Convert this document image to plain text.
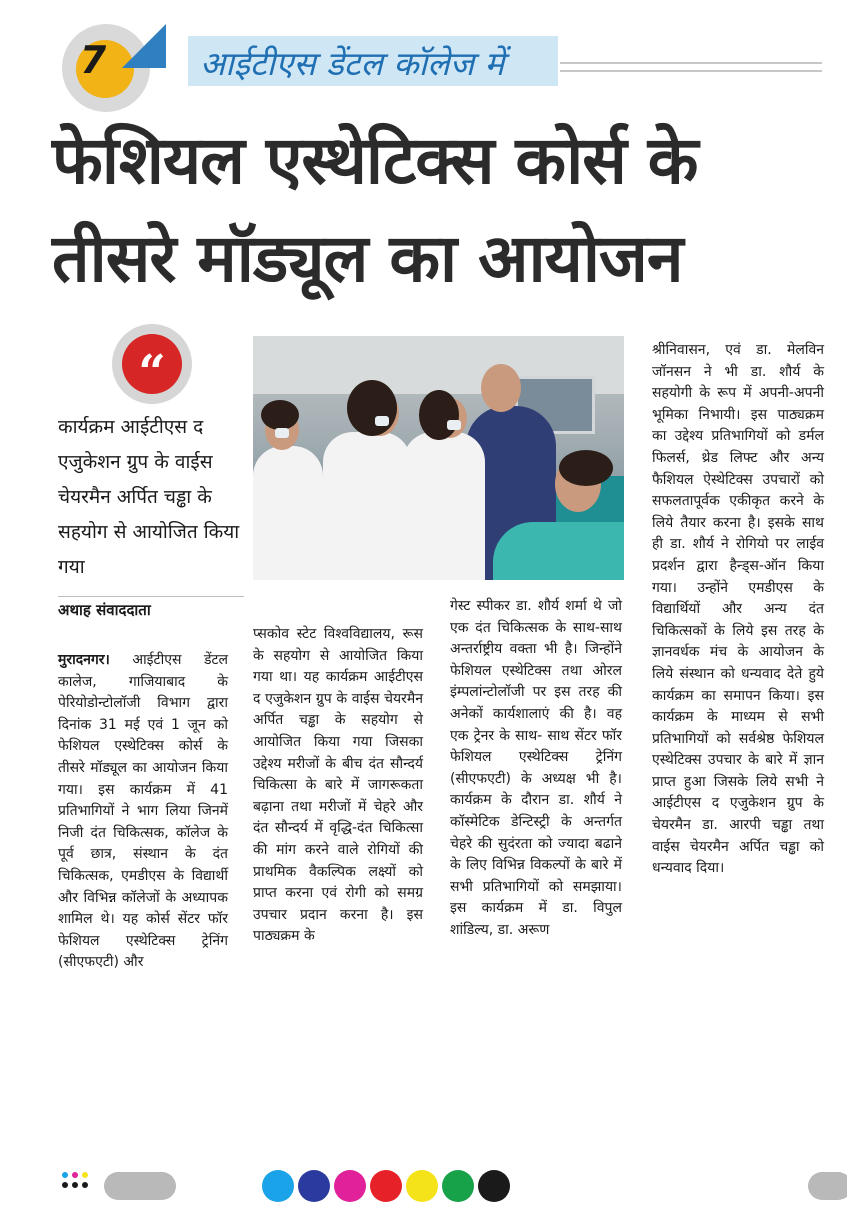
7	आईटीएस डेंटल कॉलेज में
फेशियल एस्थेटिक्स कोर्स के
तीसरे मॉड्यूल का आयोजन
“
कार्यक्रम आईटीएस द एजुकेशन ग्रुप के वाईस चेयरमैन अर्पित चड्ढा के सहयोग से आयोजित किया गया
अथाह संवाददाता
मुरादनगर। आईटीएस डेंटल कालेज, गाजियाबाद के पेरियोडोन्टोलॉजी विभाग द्वारा दिनांक 31 मई एवं 1 जून को फेशियल एस्थेटिक्स कोर्स के तीसरे मॉड्यूल का आयोजन किया गया। इस कार्यक्रम में 41 प्रतिभागियों ने भाग लिया जिनमें निजी दंत चिकित्सक, कॉलेज के पूर्व छात्र, संस्थान के दंत चिकित्सक, एमडीएस के विद्यार्थी और विभिन्न कॉलेजों के अध्यापक शामिल थे। यह कोर्स सेंटर फॉर फेशियल एस्थेटिक्स ट्रेनिंग (सीएफएटी) और
प्सकोव स्टेट विश्वविद्यालय, रूस के सहयोग से आयोजित किया गया था। यह कार्यक्रम आईटीएस द एजुकेशन ग्रुप के वाईस चेयरमैन अर्पित चड्ढा के सहयोग से आयोजित किया गया जिसका उद्देश्य मरीजों के बीच दंत सौन्दर्य चिकित्सा के बारे में जागरूकता बढ़ाना तथा मरीजों में चेहरे और दंत सौन्दर्य में वृद्धि-दंत चिकित्सा की मांग करने वाले रोगियों की प्राथमिक वैकल्पिक लक्ष्यों को प्राप्त करना एवं रोगी को समग्र उपचार प्रदान करना है। इस पाठ्यक्रम के
गेस्ट स्पीकर डा. शौर्य शर्मा थे जो एक दंत चिकित्सक के साथ-साथ अन्तर्राष्ट्रीय वक्ता भी है। जिन्होंने फेशियल एस्थेटिक्स तथा ओरल इंम्पलांन्टोलॉजी पर इस तरह की अनेकों कार्यशालाएं की है। वह एक ट्रेनर के साथ- साथ सेंटर फॉर फेशियल एस्थेटिक्स ट्रेनिंग (सीएफएटी) के अध्यक्ष भी है। कार्यक्रम के दौरान डा. शौर्य ने कॉस्मेटिक डेन्टिस्ट्री के अन्तर्गत चेहरे की सुदंरता को ज्यादा बढाने के लिए विभिन्न विकल्पों के बारे में सभी प्रतिभागियों को समझाया। इस कार्यक्रम में डा. विपुल शांडिल्य, डा. अरूण
श्रीनिवासन, एवं डा. मेलविन जॉनसन ने भी डा. शौर्य के सहयोगी के रूप में अपनी-अपनी भूमिका निभायी। इस पाठ्यक्रम का उद्देश्य प्रतिभागियों को डर्मल फिलर्स, थ्रेड लिफ्ट और अन्य फैशियल ऐस्थेटिक्स उपचारों को सफलतापूर्वक एकीकृत करने के लिये तैयार करना है। इसके साथ ही डा. शौर्य ने रोगियो पर लाईव प्रदर्शन द्वारा हैन्ड्स-ऑन किया गया। उन्होंने एमडीएस के विद्यार्थियों और अन्य दंत चिकित्सकों के लिये इस तरह के ज्ञानवर्धक मंच के आयोजन के लिये संस्थान को धन्यवाद देते हुये कार्यक्रम का समापन किया। इस कार्यक्रम के माध्यम से सभी प्रतिभागियों को सर्वश्रेष्ठ फेशियल एस्थेटिक्स उपचार के बारे में ज्ञान प्राप्त हुआ जिसके लिये सभी ने आईटीएस द एजुकेशन ग्रुप के चेयरमैन डा. आरपी चड्ढा तथा वाईस चेयरमैन अर्पित चड्ढा को धन्यवाद दिया।
